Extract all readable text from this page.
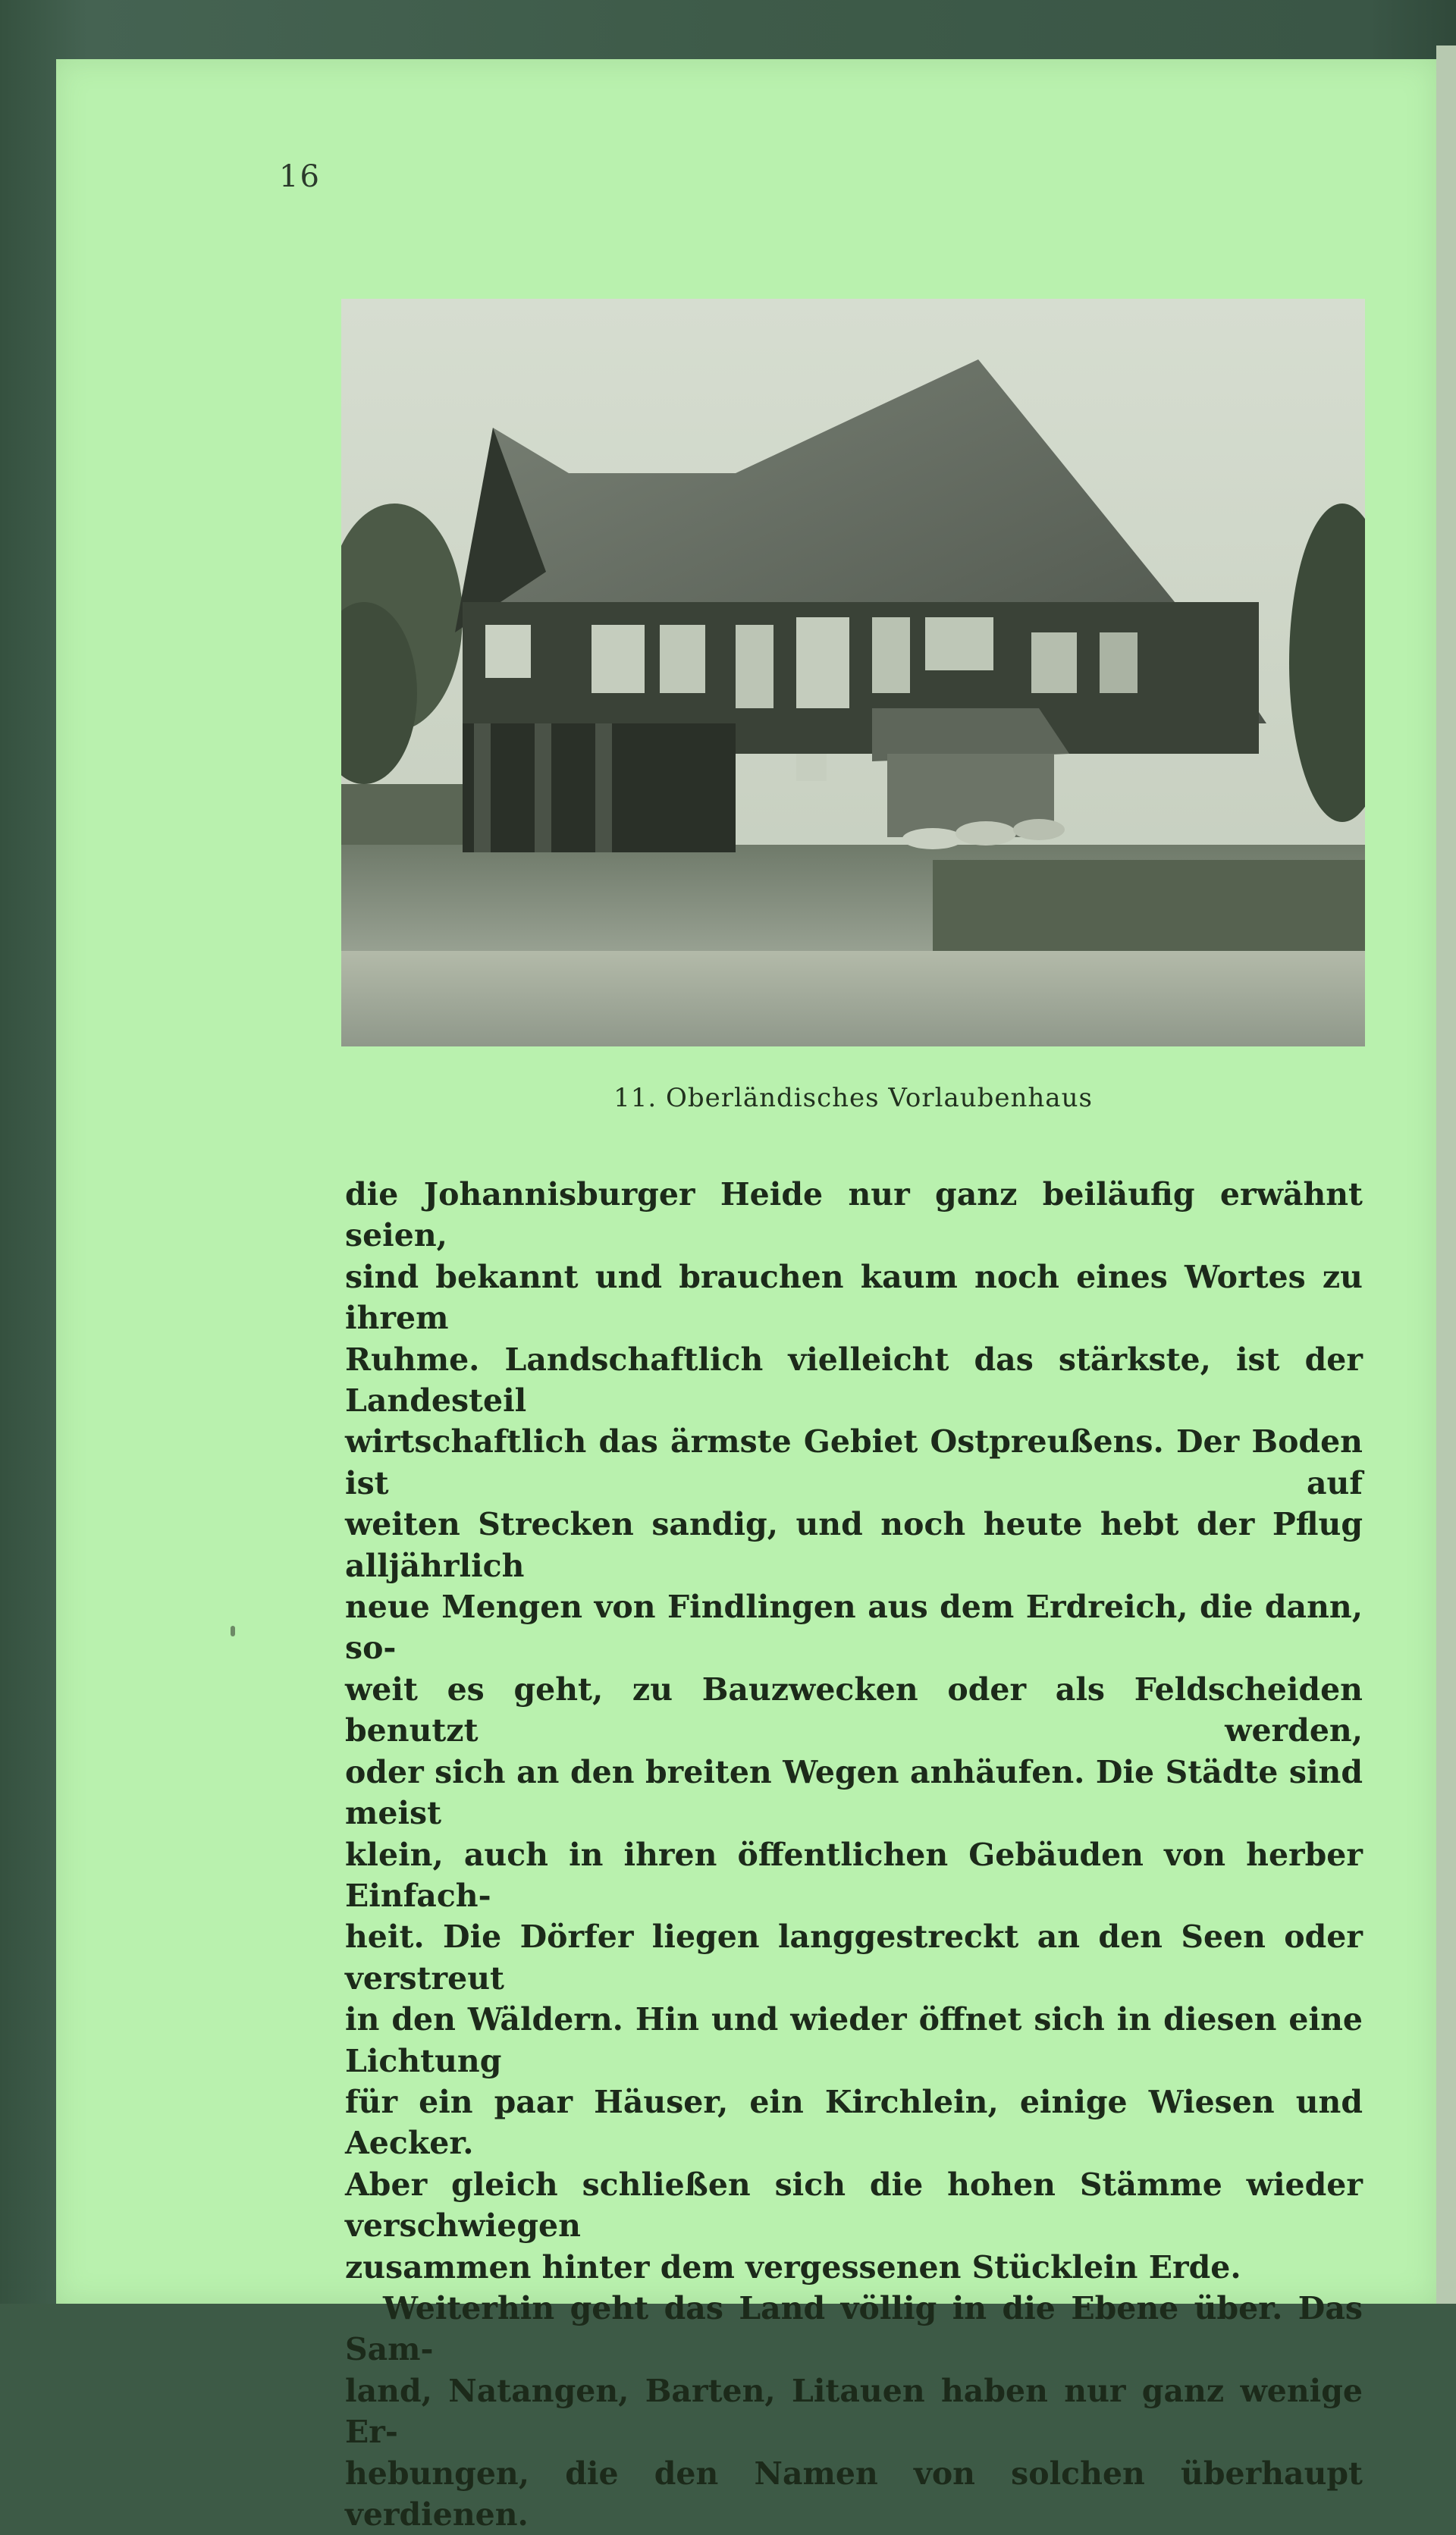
16
11. Oberländisches Vorlaubenhaus

die Johannisburger Heide nur ganz beiläufig erwähnt seien,

sind bekannt und brauchen kaum noch eines Wortes zu ihrem

Ruhme. Landschaftlich vielleicht das stärkste, ist der Landesteil

wirtschaftlich das ärmste Gebiet Ostpreußens. Der Boden ist auf

weiten Strecken sandig, und noch heute hebt der Pflug alljährlich

neue Mengen von Findlingen aus dem Erdreich, die dann, so-

weit es geht, zu Bauzwecken oder als Feldscheiden benutzt werden,

oder sich an den breiten Wegen anhäufen. Die Städte sind meist

klein, auch in ihren öffentlichen Gebäuden von herber Einfach-

heit. Die Dörfer liegen langgestreckt an den Seen oder verstreut

in den Wäldern. Hin und wieder öffnet sich in diesen eine Lichtung

für ein paar Häuser, ein Kirchlein, einige Wiesen und Aecker.

Aber gleich schließen sich die hohen Stämme wieder verschwiegen

zusammen hinter dem vergessenen Stücklein Erde.

Weiterhin geht das Land völlig in die Ebene über. Das Sam-

land, Natangen, Barten, Litauen haben nur ganz wenige Er-

hebungen, die den Namen von solchen überhaupt verdienen.
